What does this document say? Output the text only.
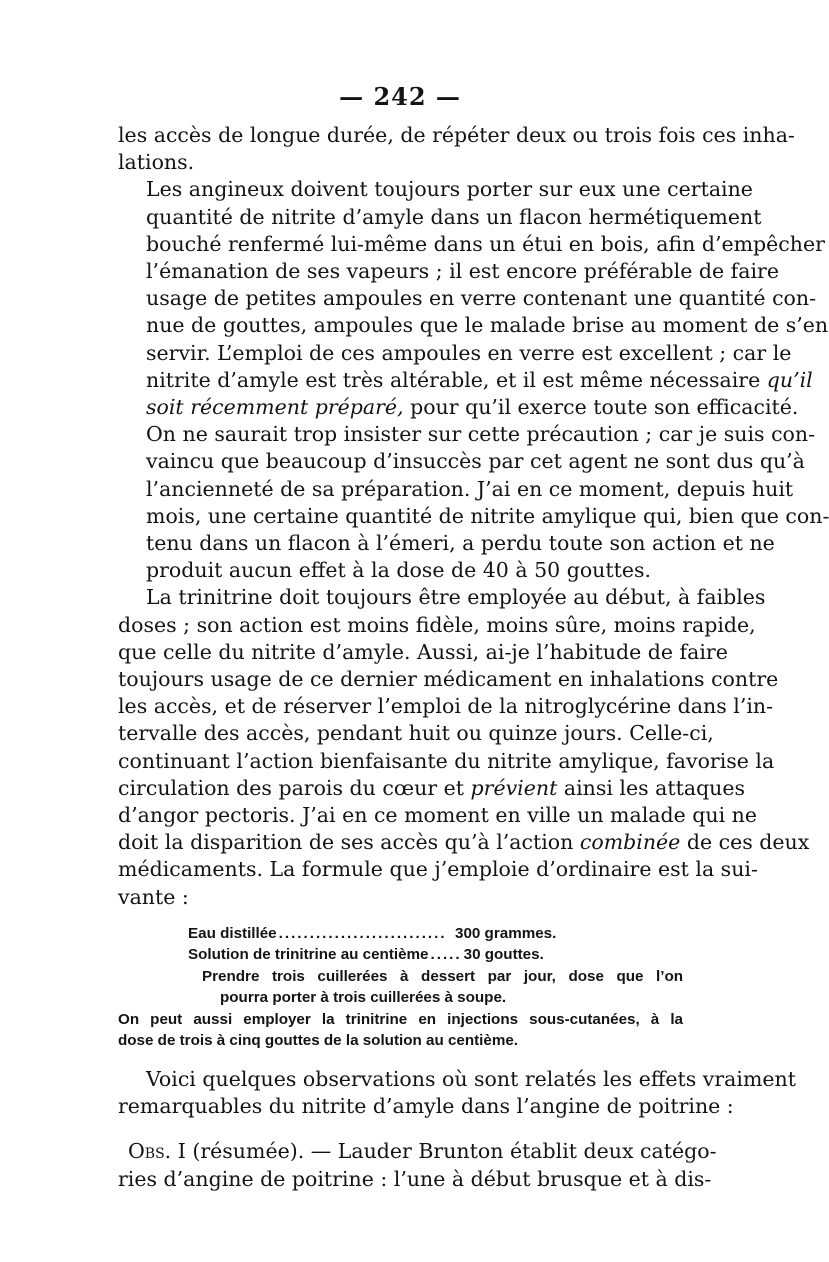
— 242 —

les accès de longue durée, de répéter deux ou trois fois ces inha-
lations.

Les angineux doivent toujours porter sur eux une certaine
quantité de nitrite d’amyle dans un flacon hermétiquement
bouché renfermé lui-même dans un étui en bois, afin d’empêcher
l’émanation de ses vapeurs ; il est encore préférable de faire
usage de petites ampoules en verre contenant une quantité con-
nue de gouttes, ampoules que le malade brise au moment de s’en
servir. L’emploi de ces ampoules en verre est excellent ; car le
nitrite d’amyle est très altérable, et il est même nécessaire qu’il
soit récemment préparé, pour qu’il exerce toute son efficacité.
On ne saurait trop insister sur cette précaution ; car je suis con-
vaincu que beaucoup d’insuccès par cet agent ne sont dus qu’à
l’ancienneté de sa préparation. J’ai en ce moment, depuis huit
mois, une certaine quantité de nitrite amylique qui, bien que con-
tenu dans un flacon à l’émeri, a perdu toute son action et ne
produit aucun effet à la dose de 40 à 50 gouttes.

La trinitrine doit toujours être employée au début, à faibles
doses ; son action est moins fidèle, moins sûre, moins rapide,
que celle du nitrite d’amyle. Aussi, ai-je l’habitude de faire
toujours usage de ce dernier médicament en inhalations contre
les accès, et de réserver l’emploi de la nitroglycérine dans l’in-
tervalle des accès, pendant huit ou quinze jours. Celle-ci,
continuant l’action bienfaisante du nitrite amylique, favorise la
circulation des parois du cœur et prévient ainsi les attaques
d’angor pectoris. J’ai en ce moment en ville un malade qui ne
doit la disparition de ses accès qu’à l’action combinée de ces deux
médicaments. La formule que j’emploie d’ordinaire est la sui-
vante :

Eau distillée ........................... 300 grammes.
Solution de trinitrine au centième ..... 30 gouttes.
Prendre trois cuillerées à dessert par jour, dose que l’on
pourra porter à trois cuillerées à soupe.
On peut aussi employer la trinitrine en injections sous-cutanées, à la
dose de trois à cinq gouttes de la solution au centième.

Voici quelques observations où sont relatés les effets vraiment
remarquables du nitrite d’amyle dans l’angine de poitrine :

Obs. I (résumée). — Lauder Brunton établit deux catégo-
ries d’angine de poitrine : l’une à début brusque et à dis-
